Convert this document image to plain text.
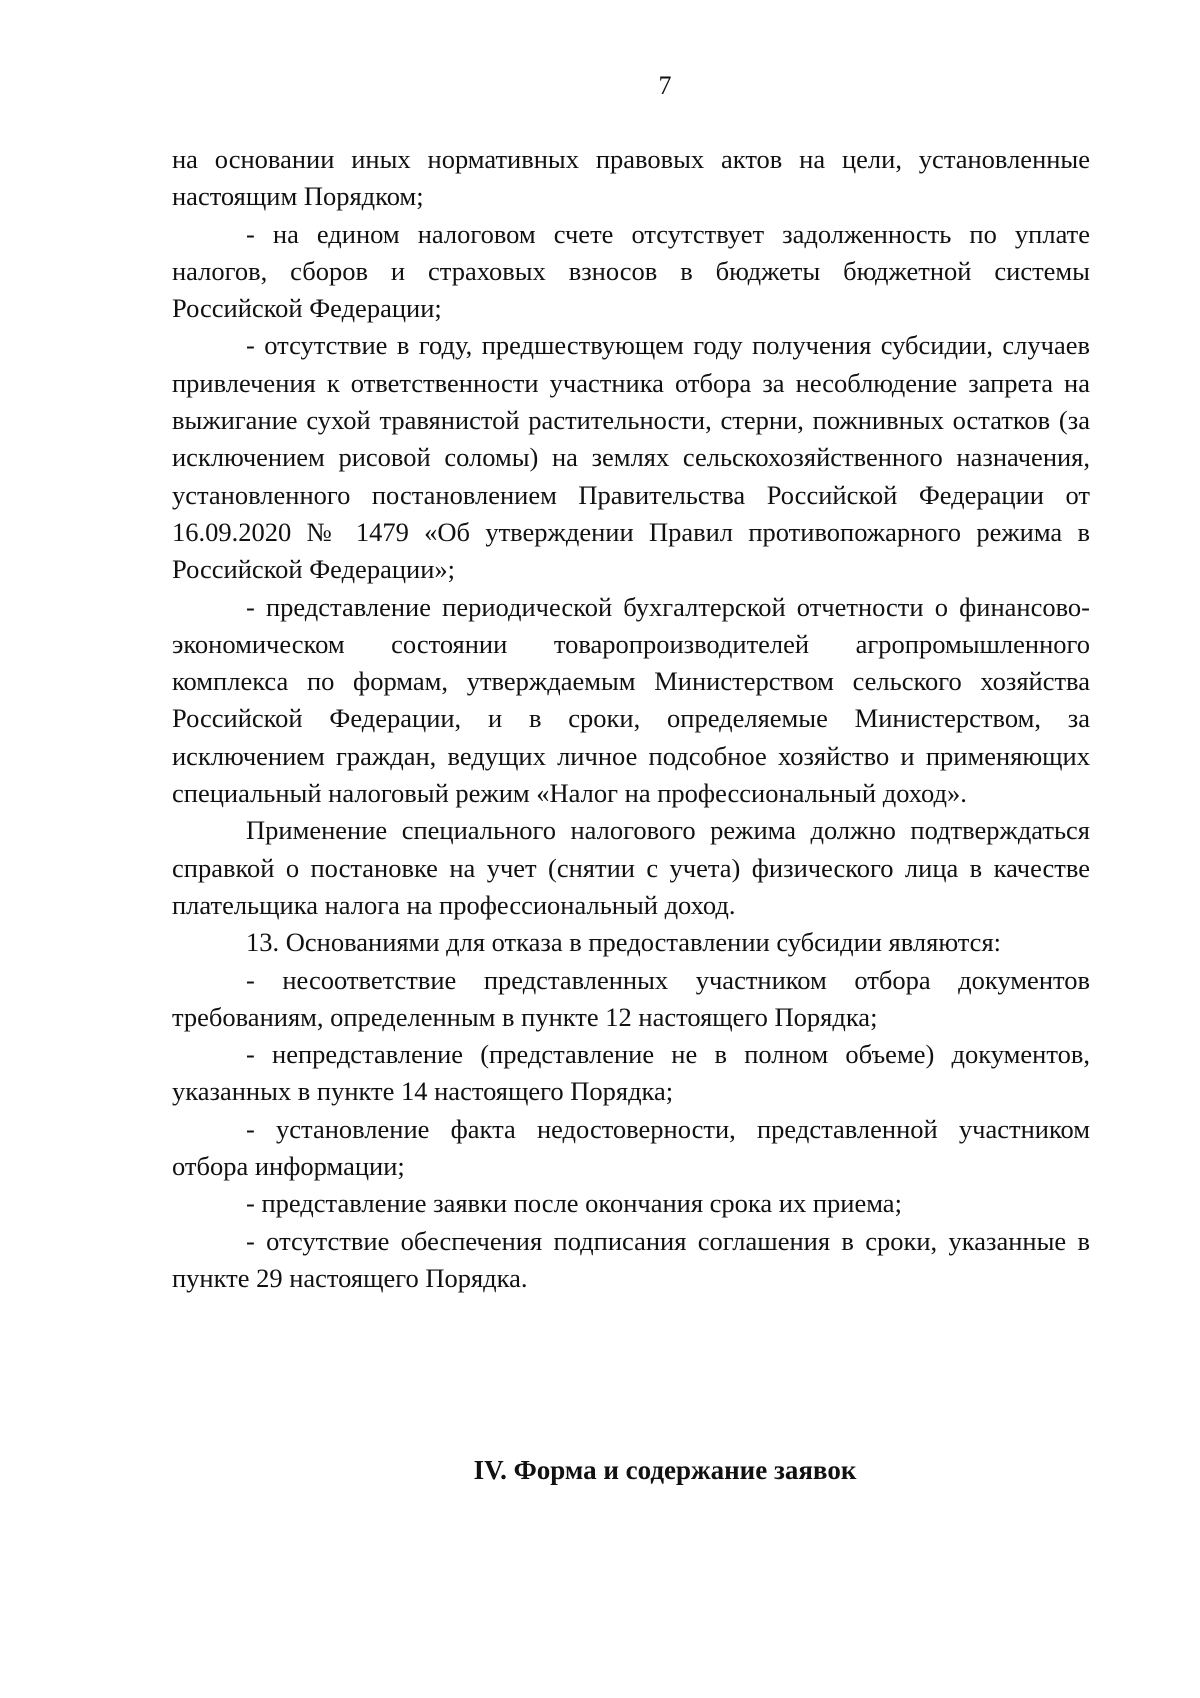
7

на основании иных нормативных правовых актов на цели, установленные настоящим Порядком;

- на едином налоговом счете отсутствует задолженность по уплате налогов, сборов и страховых взносов в бюджеты бюджетной системы Российской Федерации;

- отсутствие в году, предшествующем году получения субсидии, случаев привлечения к ответственности участника отбора за несоблюдение запрета на выжигание сухой травянистой растительности, стерни, пожнивных остатков (за исключением рисовой соломы) на землях сельскохозяйственного назначения, установленного постановлением Правительства Российской Федерации от 16.09.2020 № 1479 «Об утверждении Правил противопожарного режима в Российской Федерации»;

- представление периодической бухгалтерской отчетности о финансово-экономическом состоянии товаропроизводителей агропромышленного комплекса по формам, утверждаемым Министерством сельского хозяйства Российской Федерации, и в сроки, определяемые Министерством, за исключением граждан, ведущих личное подсобное хозяйство и применяющих специальный налоговый режим «Налог на профессиональный доход».

Применение специального налогового режима должно подтверждаться справкой о постановке на учет (снятии с учета) физического лица в качестве плательщика налога на профессиональный доход.

13. Основаниями для отказа в предоставлении субсидии являются:

- несоответствие представленных участником отбора документов требованиям, определенным в пункте 12 настоящего Порядка;

- непредставление (представление не в полном объеме) документов, указанных в пункте 14 настоящего Порядка;

- установление факта недостоверности, представленной участником отбора информации;

- представление заявки после окончания срока их приема;

- отсутствие обеспечения подписания соглашения в сроки, указанные в пункте 29 настоящего Порядка.

IV. Форма и содержание заявок
